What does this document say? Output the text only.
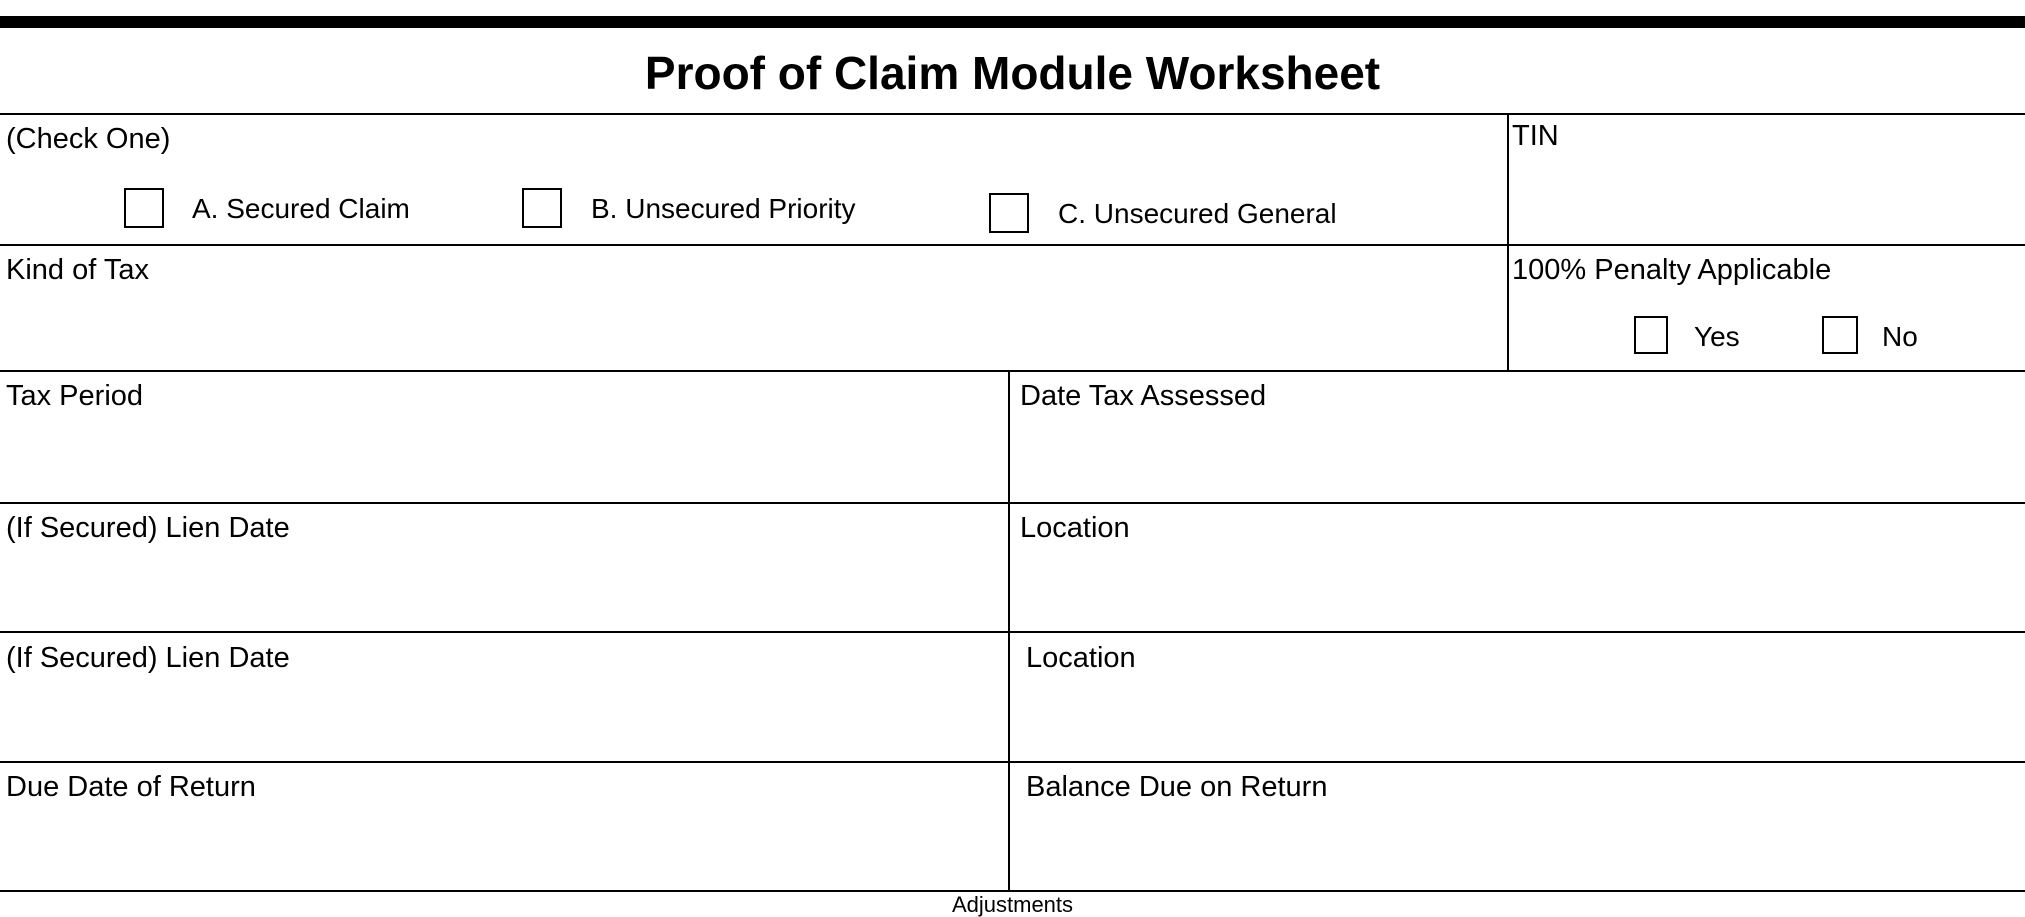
Proof of Claim Module Worksheet
(Check One)
A. Secured Claim	B. Unsecured Priority	C. Unsecured General
TIN
Kind of Tax	100% Penalty Applicable
Yes	No
Tax Period	Date Tax Assessed
(If Secured) Lien Date	Location
(If Secured) Lien Date	Location
Due Date of Return	Balance Due on Return
Adjustments
